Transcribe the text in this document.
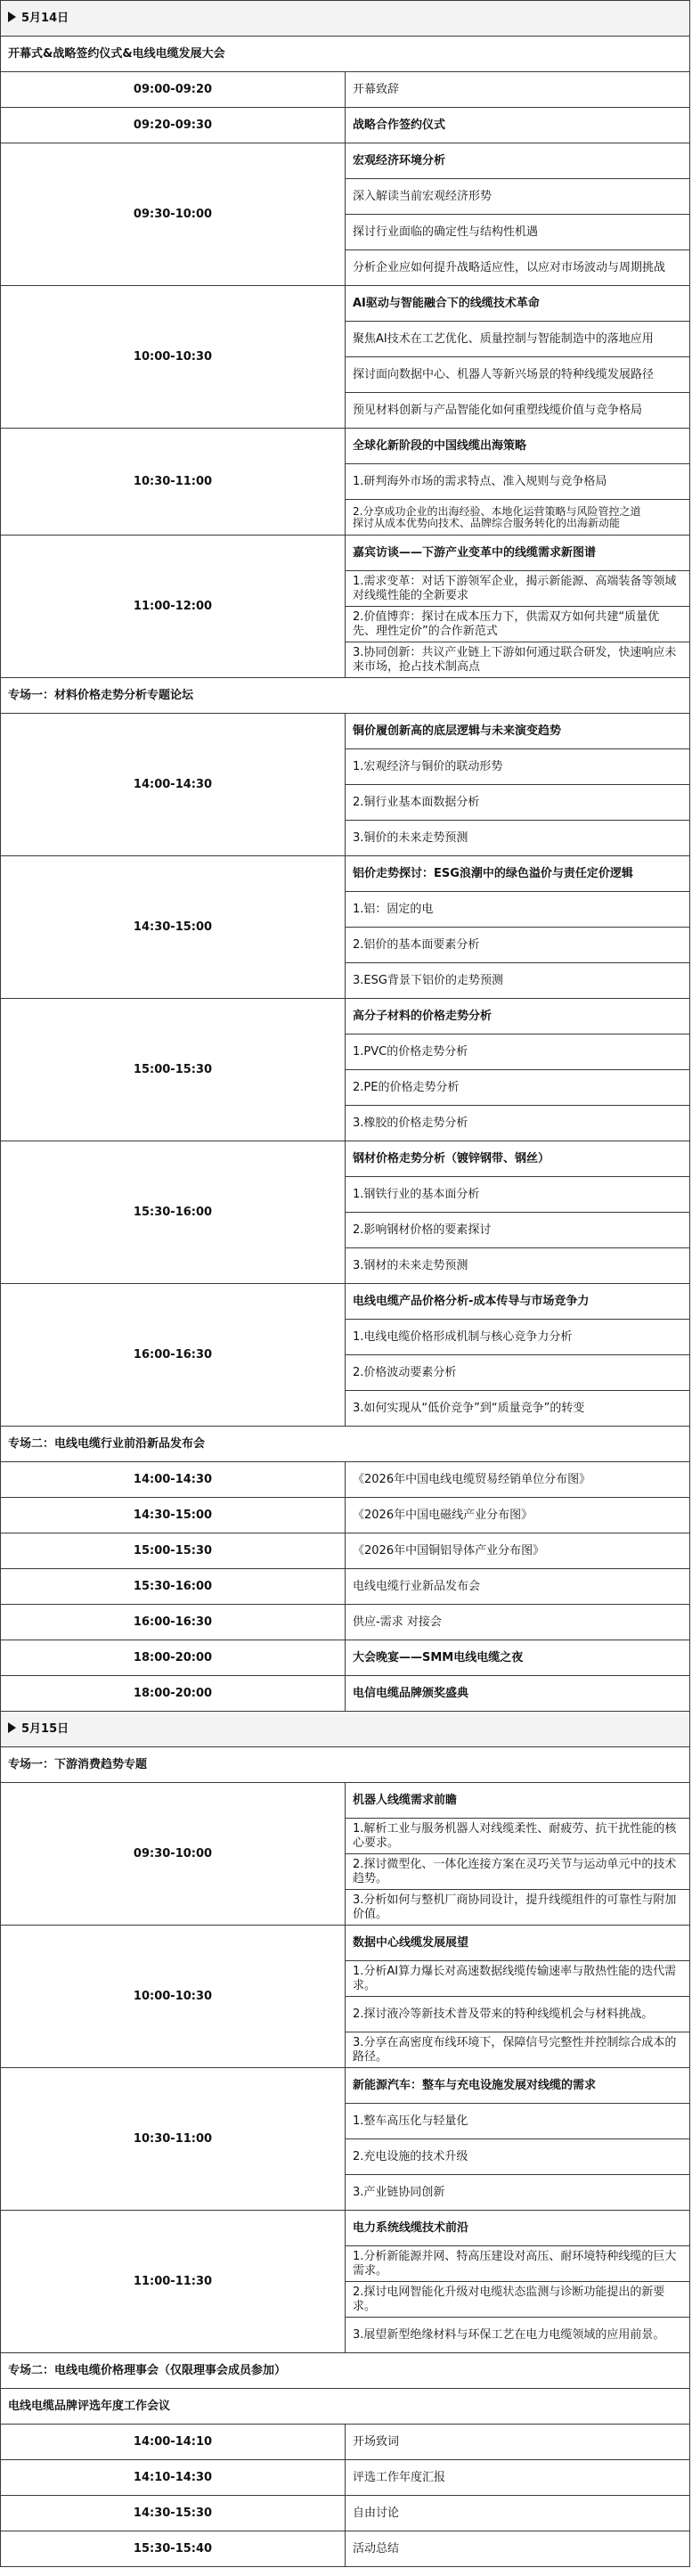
5月14日	
开幕式&战略签约仪式&电线电缆发展大会	
09:00-09:20	开幕致辞
09:20-09:30	战略合作签约仪式
09:30-10:00	宏观经济环境分析
	深入解读当前宏观经济形势
	探讨行业面临的确定性与结构性机遇
	分析企业应如何提升战略适应性，以应对市场波动与周期挑战
10:00-10:30	AI驱动与智能融合下的线缆技术革命
	聚焦AI技术在工艺优化、质量控制与智能制造中的落地应用
	探讨面向数据中心、机器人等新兴场景的特种线缆发展路径
	预见材料创新与产品智能化如何重塑线缆价值与竞争格局
10:30-11:00	全球化新阶段的中国线缆出海策略
	1.研判海外市场的需求特点、准入规则与竞争格局
	2.分享成功企业的出海经验、本地化运营策略与风险管控之道
探讨从成本优势向技术、品牌综合服务转化的出海新动能
11:00-12:00	嘉宾访谈——下游产业变革中的线缆需求新图谱
	1.需求变革：对话下游领军企业，揭示新能源、高端装备等领域对线缆性能的全新要求
	2.价值博弈：探讨在成本压力下，供需双方如何共建“质量优先、理性定价”的合作新范式
	3.协同创新：共议产业链上下游如何通过联合研发，快速响应未来市场，抢占技术制高点
专场一：材料价格走势分析专题论坛	
14:00-14:30	铜价履创新高的底层逻辑与未来演变趋势
	1.宏观经济与铜价的联动形势
	2.铜行业基本面数据分析
	3.铜价的未来走势预测
14:30-15:00	铝价走势探讨：ESG浪潮中的绿色溢价与责任定价逻辑
	1.铝：固定的电
	2.铝价的基本面要素分析
	3.ESG背景下铝价的走势预测
15:00-15:30	高分子材料的价格走势分析
	1.PVC的价格走势分析
	2.PE的价格走势分析
	3.橡胶的价格走势分析
15:30-16:00	钢材价格走势分析（镀锌钢带、钢丝）
	1.钢铁行业的基本面分析
	2.影响钢材价格的要素探讨
	3.钢材的未来走势预测
16:00-16:30	电线电缆产品价格分析-成本传导与市场竞争力
	1.电线电缆价格形成机制与核心竞争力分析
	2.价格波动要素分析
	3.如何实现从“低价竞争”到“质量竞争”的转变
专场二：电线电缆行业前沿新品发布会	
14:00-14:30	《2026年中国电线电缆贸易经销单位分布图》
14:30-15:00	《2026年中国电磁线产业分布图》
15:00-15:30	《2026年中国铜铝导体产业分布图》
15:30-16:00	电线电缆行业新品发布会
16:00-16:30	供应-需求 对接会
18:00-20:00	大会晚宴——SMM电线电缆之夜
18:00-20:00	电信电缆品牌颁奖盛典
5月15日	
专场一：下游消费趋势专题	
09:30-10:00	机器人线缆需求前瞻
	1.解析工业与服务机器人对线缆柔性、耐疲劳、抗干扰性能的核心要求。
	2.探讨微型化、一体化连接方案在灵巧关节与运动单元中的技术趋势。
	3.分析如何与整机厂商协同设计，提升线缆组件的可靠性与附加价值。
10:00-10:30	数据中心线缆发展展望
	1.分析AI算力爆长对高速数据线缆传输速率与散热性能的迭代需求。
	2.探讨液冷等新技术普及带来的特种线缆机会与材料挑战。
	3.分享在高密度布线环境下，保障信号完整性并控制综合成本的路径。
10:30-11:00	新能源汽车：整车与充电设施发展对线缆的需求
	1.整车高压化与轻量化
	2.充电设施的技术升级
	3.产业链协同创新
11:00-11:30	电力系统线缆技术前沿
	1.分析新能源并网、特高压建设对高压、耐环境特种线缆的巨大需求。
	2.探讨电网智能化升级对电缆状态监测与诊断功能提出的新要求。
	3.展望新型绝缘材料与环保工艺在电力电缆领域的应用前景。
专场二：电线电缆价格理事会（仅限理事会成员参加）	
电线电缆品牌评选年度工作会议	
14:00-14:10	开场致词
14:10-14:30	评选工作年度汇报
14:30-15:30	自由讨论
15:30-15:40	活动总结
